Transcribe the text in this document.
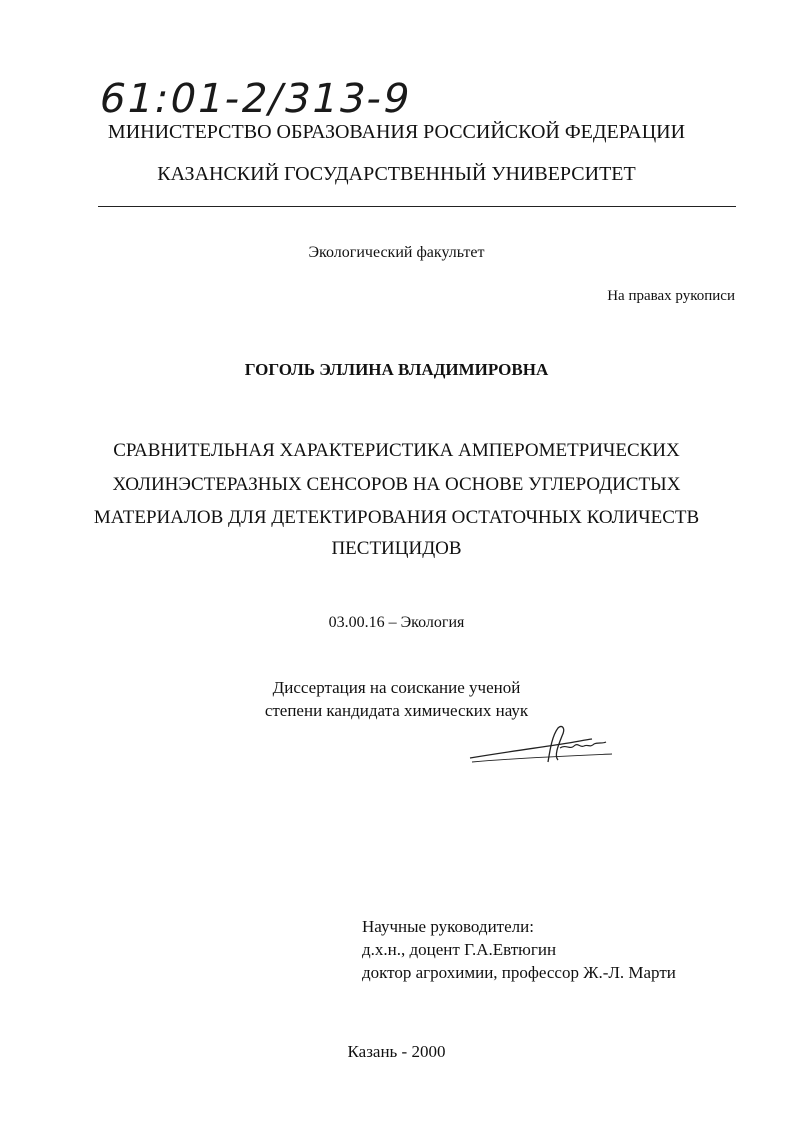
61:01-2/313-9
МИНИСТЕРСТВО ОБРАЗОВАНИЯ РОССИЙСКОЙ ФЕДЕРАЦИИ
КАЗАНСКИЙ ГОСУДАРСТВЕННЫЙ УНИВЕРСИТЕТ
Экологический факультет
На правах рукописи
ГОГОЛЬ ЭЛЛИНА ВЛАДИМИРОВНА
СРАВНИТЕЛЬНАЯ ХАРАКТЕРИСТИКА АМПЕРОМЕТРИЧЕСКИХ
ХОЛИНЭСТЕРАЗНЫХ СЕНСОРОВ НА ОСНОВЕ УГЛЕРОДИСТЫХ
МАТЕРИАЛОВ ДЛЯ ДЕТЕКТИРОВАНИЯ ОСТАТОЧНЫХ КОЛИЧЕСТВ
ПЕСТИЦИДОВ
03.00.16 – Экология
Диссертация на соискание ученой
степени кандидата химических наук
Научные руководители:
д.х.н., доцент Г.А.Евтюгин
доктор агрохимии, профессор Ж.-Л. Марти
Казань - 2000
